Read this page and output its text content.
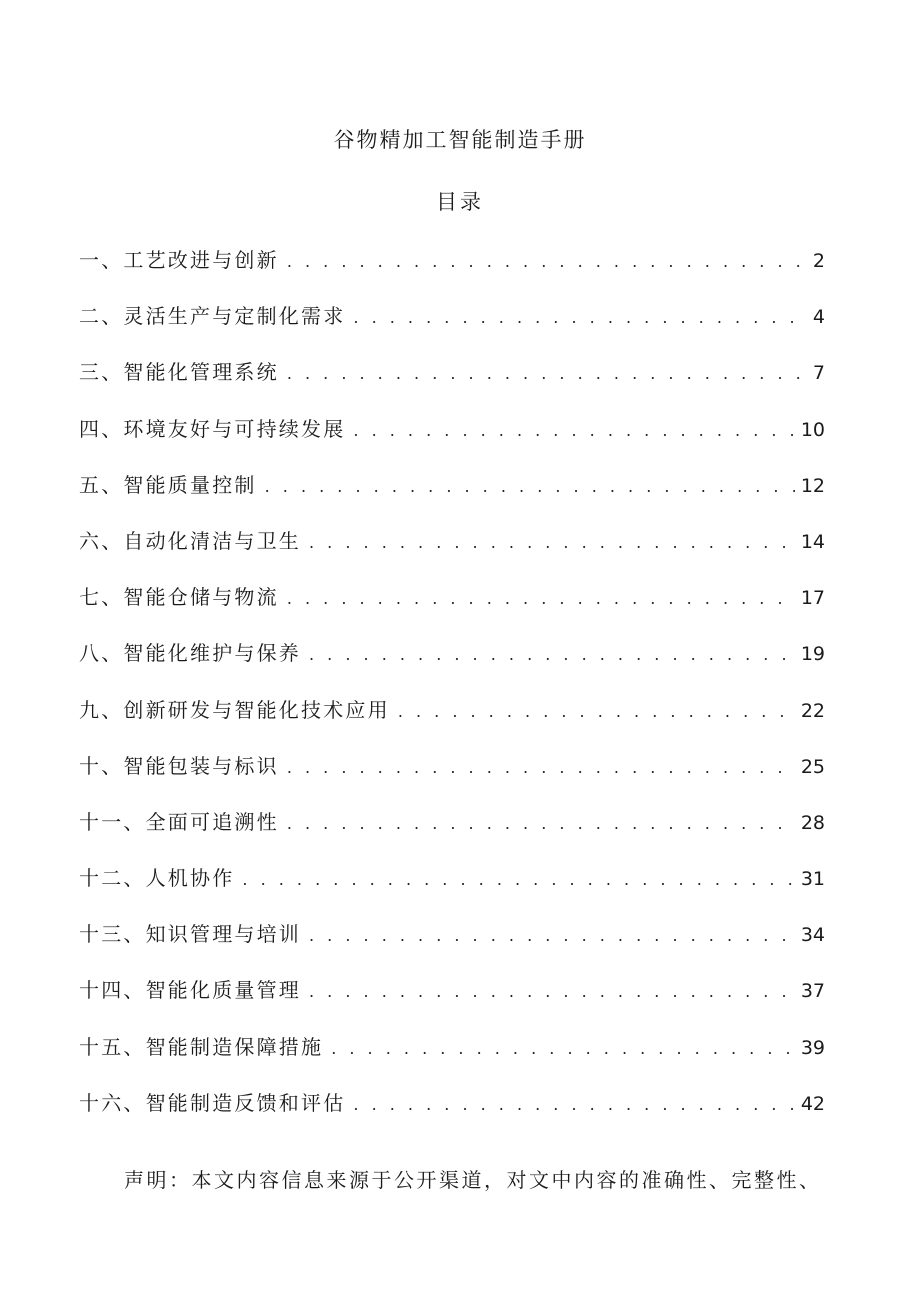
谷物精加工智能制造手册
目录
一、工艺改进与创新 . . .	2
二、灵活生产与定制化需求 . . .	4
三、智能化管理系统 . . .	7
四、环境友好与可持续发展 . . .	10
五、智能质量控制 . . .	12
六、自动化清洁与卫生 . . .	14
七、智能仓储与物流 . . .	17
八、智能化维护与保养 . . .	19
九、创新研发与智能化技术应用 . . .	22
十、智能包装与标识 . . .	25
十一、全面可追溯性 . . .	28
十二、人机协作 . . .	31
十三、知识管理与培训 . . .	34
十四、智能化质量管理 . . .	37
十五、智能制造保障措施 . . .	39
十六、智能制造反馈和评估 . . .	42
声明：本文内容信息来源于公开渠道，对文中内容的准确性、完整性、
